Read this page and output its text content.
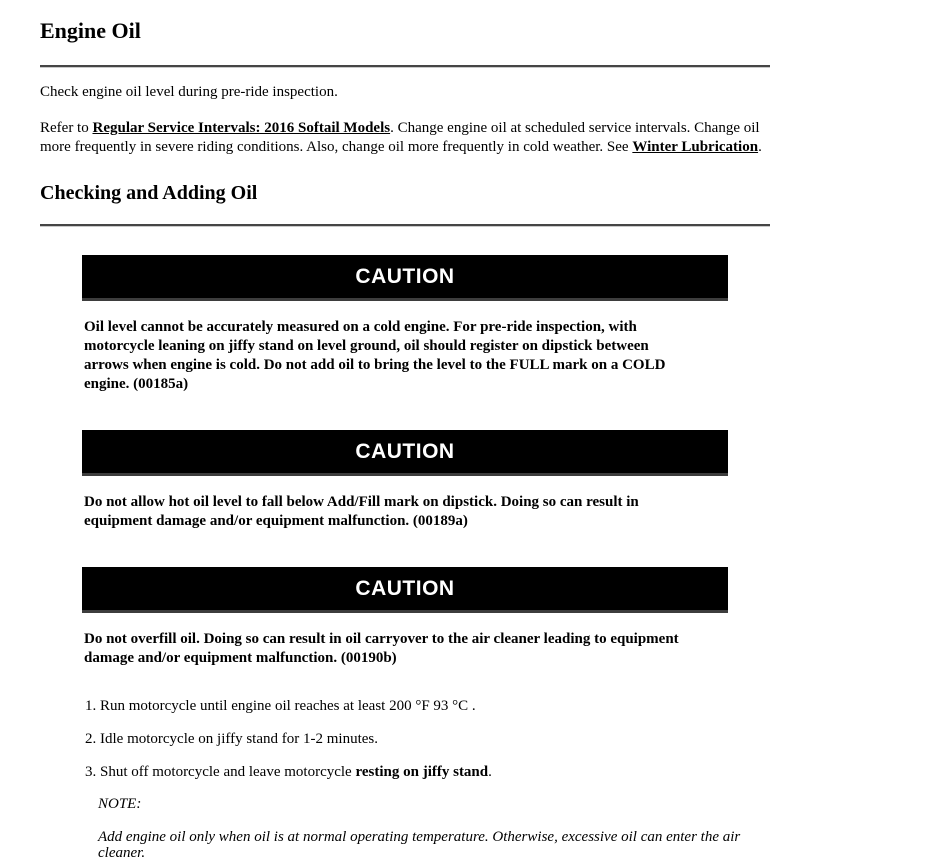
Engine Oil

Check engine oil level during pre-ride inspection.

Refer to Regular Service Intervals: 2016 Softail Models. Change engine oil at scheduled service intervals. Change oil more frequently in severe riding conditions. Also, change oil more frequently in cold weather. See Winter Lubrication.

Checking and Adding Oil
CAUTION

Oil level cannot be accurately measured on a cold engine. For pre-ride inspection, with motorcycle leaning on jiffy stand on level ground, oil should register on dipstick between arrows when engine is cold. Do not add oil to bring the level to the FULL mark on a COLD engine. (00185a)

CAUTION

Do not allow hot oil level to fall below Add/Fill mark on dipstick. Doing so can result in equipment damage and/or equipment malfunction. (00189a)

CAUTION

Do not overfill oil. Doing so can result in oil carryover to the air cleaner leading to equipment damage and/or equipment malfunction. (00190b)

1. Run motorcycle until engine oil reaches at least 200 °F 93 °C .
2. Idle motorcycle on jiffy stand for 1-2 minutes.
3. Shut off motorcycle and leave motorcycle resting on jiffy stand.

NOTE:

Add engine oil only when oil is at normal operating temperature. Otherwise, excessive oil can enter the air cleaner.
